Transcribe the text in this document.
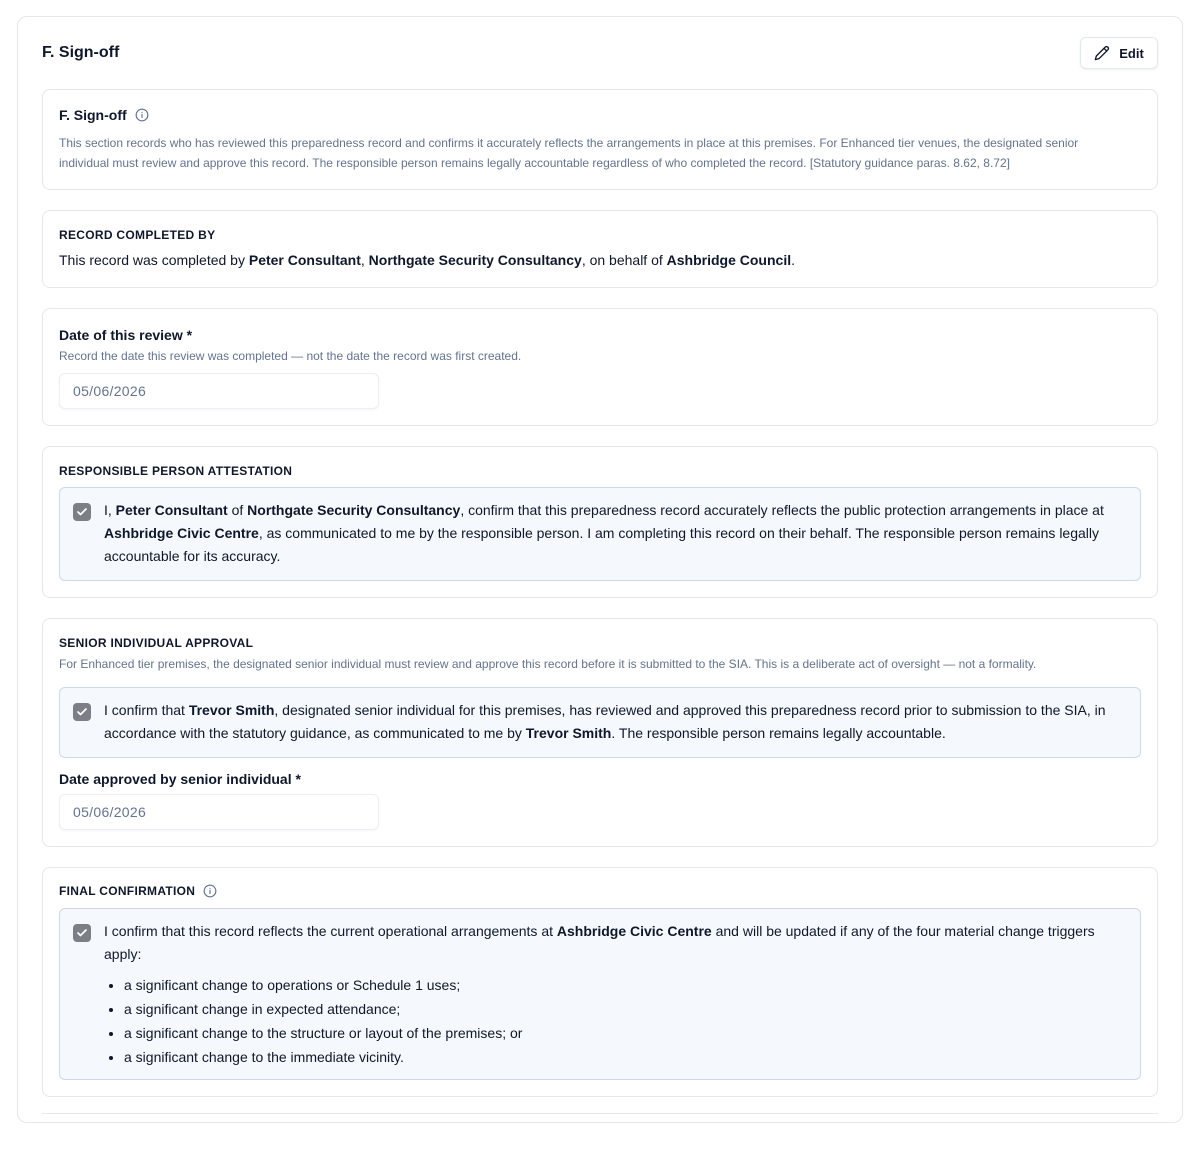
F. Sign-off	Edit
F. Sign-off
This section records who has reviewed this preparedness record and confirms it accurately reflects the arrangements in place at this premises. For Enhanced tier venues, the designated senior individual must review and approve this record. The responsible person remains legally accountable regardless of who completed the record. [Statutory guidance paras. 8.62, 8.72]
RECORD COMPLETED BY
This record was completed by Peter Consultant, Northgate Security Consultancy, on behalf of Ashbridge Council.
Date of this review *
Record the date this review was completed — not the date the record was first created.
05/06/2026
RESPONSIBLE PERSON ATTESTATION
I, Peter Consultant of Northgate Security Consultancy, confirm that this preparedness record accurately reflects the public protection arrangements in place at Ashbridge Civic Centre, as communicated to me by the responsible person. I am completing this record on their behalf. The responsible person remains legally accountable for its accuracy.
SENIOR INDIVIDUAL APPROVAL
For Enhanced tier premises, the designated senior individual must review and approve this record before it is submitted to the SIA. This is a deliberate act of oversight — not a formality.
I confirm that Trevor Smith, designated senior individual for this premises, has reviewed and approved this preparedness record prior to submission to the SIA, in accordance with the statutory guidance, as communicated to me by Trevor Smith. The responsible person remains legally accountable.
Date approved by senior individual *
05/06/2026
FINAL CONFIRMATION
I confirm that this record reflects the current operational arrangements at Ashbridge Civic Centre and will be updated if any of the four material change triggers apply:
• a significant change to operations or Schedule 1 uses;
• a significant change in expected attendance;
• a significant change to the structure or layout of the premises; or
• a significant change to the immediate vicinity.
